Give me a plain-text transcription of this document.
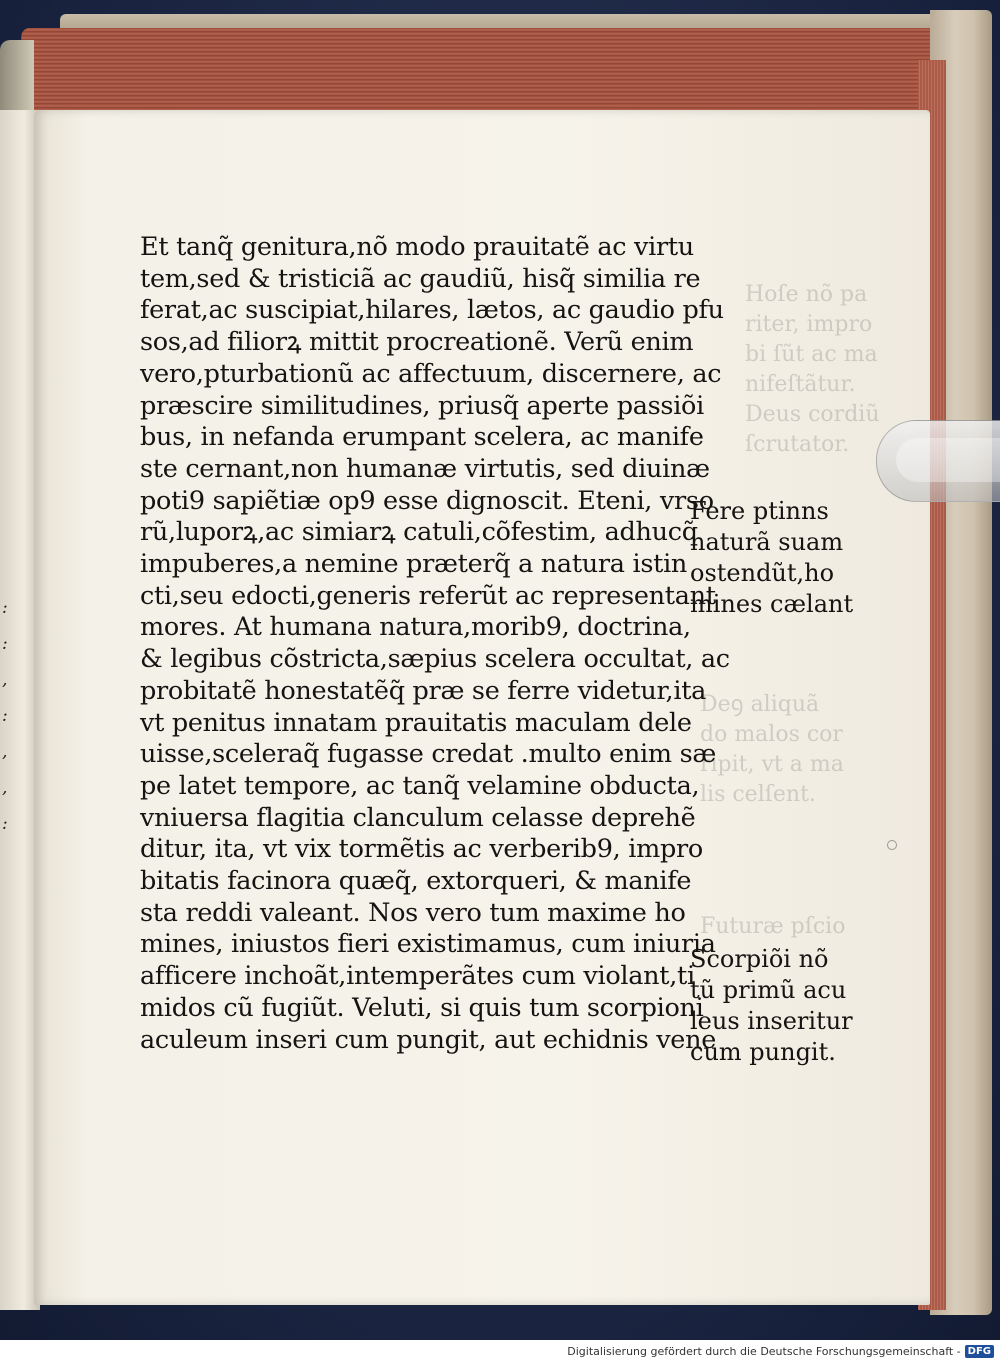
:
:
,
:
,
,
:
Hoſe nõ pa
riter, impro
bi ſũt ac ma
nifeſtãtur.
Deus cordiũ
ſcrutator.
Deꝯ aliquã
do malos cor
ripit, vt a ma
lis celſent.
Futuræ pſcio
Et tanq̃ genitura,nõ modo prauitatẽ ac virtu
tem,sed & tristiciã ac gaudiũ, hisq̃ similia re
ferat,ac suscipiat,hilares, lætos, ac gaudio pfu
sos,ad filiorꝝ mittit procreationẽ. Verũ enim
vero,pturbationũ ac affectuum, discernere, ac
præscire similitudines, priusq̃ aperte passiõi
bus, in nefanda erumpant scelera, ac manife
ste cernant,non humanæ virtutis, sed diuinæ
poti9 sapiẽtiæ op9 esse dignoscit. Eteni, vrso
rũ,luporꝝ,ac simiarꝝ catuli,cõfestim, adhucq̃
impuberes,a nemine præterq̃ a natura istin
cti,seu edocti,generis referũt ac representant
mores. At humana natura,morib9, doctrina,
& legibus cõstricta,sæpius scelera occultat, ac
probitatẽ honestatẽq̃ præ se ferre videtur,ita
vt penitus innatam prauitatis maculam dele
uisse,sceleraq̃ fugasse credat .multo enim sæ
pe latet tempore, ac tanq̃ velamine obducta,
vniuersa flagitia clanculum celasse deprehẽ
ditur, ita, vt vix tormẽtis ac verberib9, impro
bitatis facinora quæq̃, extorqueri, & manife
sta reddi valeant. Nos vero tum maxime ho
mines, iniustos fieri existimamus, cum iniuria
afficere inchoãt,intemperãtes cum violant,ti
midos cũ fugiũt. Veluti, si quis tum scorpioni
aculeum inseri cum pungit, aut echidnis vene
Fere ptinns
naturã suam
ostendũt,ho
mines cælant
Scorpiõi nõ
tũ primũ acu
leus inseritur
cum pungit.
Digitalisierung gefördert durch die Deutsche Forschungsgemeinschaft - DFG
